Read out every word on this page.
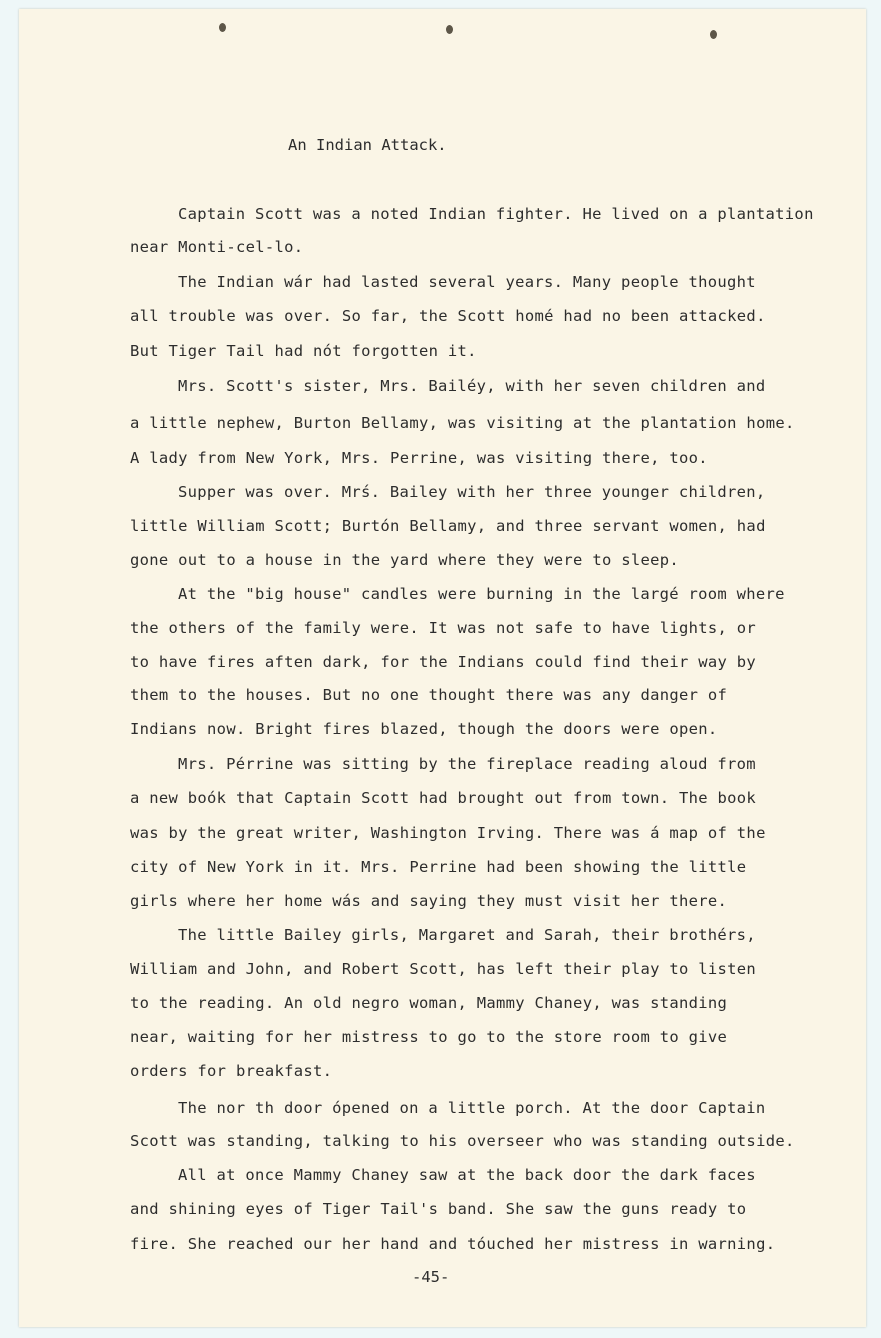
An Indian Attack.
Captain Scott was a noted Indian fighter. He lived on a plantation
near Monti-cel-lo.
The Indian wár had lasted several years. Many people thought
all trouble was over. So far, the Scott homé had no been attacked.
But Tiger Tail had nót forgotten it.
Mrs. Scott's sister, Mrs. Bailéy, with her seven children and
a little nephew, Burton Bellamy, was visiting at the plantation home.
A lady from New York, Mrs. Perrine, was visiting there, too.
Supper was over. Mrś. Bailey with her three younger children,
little William Scott; Burtón Bellamy, and three servant women, had
gone out to a house in the yard where they were to sleep.
At the "big house" candles were burning in the largé room where
the others of the family were. It was not safe to have lights, or
to have fires aften dark, for the Indians could find their way by
them to the houses. But no one thought there was any danger of
Indians now. Bright fires blazed, though the doors were open.
Mrs. Pérrine was sitting by the fireplace reading aloud from
a new boók that Captain Scott had brought out from town. The book
was by the great writer, Washington Irving. There was á map of the
city of New York in it. Mrs. Perrine had been showing the little
girls where her home wás and saying they must visit her there.
The little Bailey girls, Margaret and Sarah, their brothérs,
William and John, and Robert Scott, has left their play to listen
to the reading. An old negro woman, Mammy Chaney, was standing
near, waiting for her mistress to go to the store room to give
orders for breakfast.
The nor th door ópened on a little porch. At the door Captain
Scott was standing, talking to his overseer who was standing outside.
All at once Mammy Chaney saw at the back door the dark faces
and shining eyes of Tiger Tail's band. She saw the guns ready to
fire. She reached our her hand and tóuched her mistress in warning.
-45-
